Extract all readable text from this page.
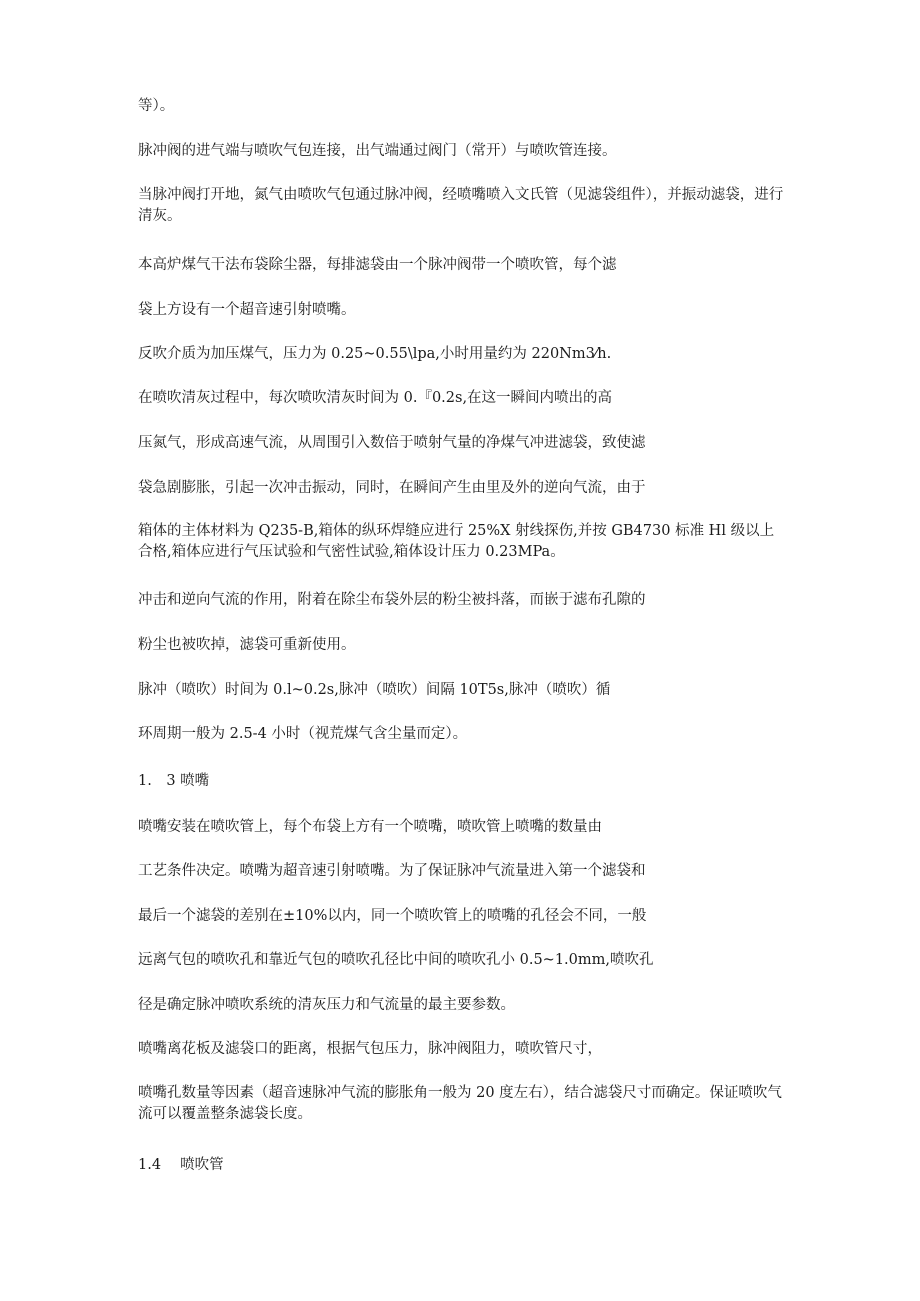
等）。

脉冲阀的进气端与喷吹气包连接，出气端通过阀门（常开）与喷吹管连接。

当脉冲阀打开地，氮气由喷吹气包通过脉冲阀，经喷嘴喷入文氏管（见滤袋组件），并振动滤袋，进行清灰。

本高炉煤气干法布袋除尘器，每排滤袋由一个脉冲阀带一个喷吹管，每个滤

袋上方设有一个超音速引射喷嘴。

反吹介质为加压煤气，压力为 0.25~0.55\lpa,小时用量约为 220Nm3⁄h.

在喷吹清灰过程中，每次喷吹清灰时间为 0.『0.2s,在这一瞬间内喷出的高

压氮气，形成高速气流，从周围引入数倍于喷射气量的净煤气冲进滤袋，致使滤

袋急剧膨胀，引起一次冲击振动，同时，在瞬间产生由里及外的逆向气流，由于

箱体的主体材料为 Q235-B,箱体的纵环焊缝应进行 25%X 射线探伤,并按 GB4730 标准 Hl 级以上合格,箱体应进行气压试验和气密性试验,箱体设计压力 0.23MPa。

冲击和逆向气流的作用，附着在除尘布袋外层的粉尘被抖落，而嵌于滤布孔隙的

粉尘也被吹掉，滤袋可重新使用。

脉冲（喷吹）时间为 0.l~0.2s,脉冲（喷吹）间隔 10T5s,脉冲（喷吹）循

环周期一般为 2.5-4 小时（视荒煤气含尘量而定）。

1.　3 喷嘴

喷嘴安装在喷吹管上，每个布袋上方有一个喷嘴，喷吹管上喷嘴的数量由

工艺条件决定。喷嘴为超音速引射喷嘴。为了保证脉冲气流量进入第一个滤袋和

最后一个滤袋的差别在±10%以内，同一个喷吹管上的喷嘴的孔径会不同，一般

远离气包的喷吹孔和靠近气包的喷吹孔径比中间的喷吹孔小 0.5~1.0mm,喷吹孔

径是确定脉冲喷吹系统的清灰压力和气流量的最主要参数。

喷嘴离花板及滤袋口的距离，根据气包压力，脉冲阀阻力，喷吹管尺寸，

喷嘴孔数量等因素（超音速脉冲气流的膨胀角一般为 20 度左右），结合滤袋尺寸而确定。保证喷吹气流可以覆盖整条滤袋长度。

1.4　 喷吹管
